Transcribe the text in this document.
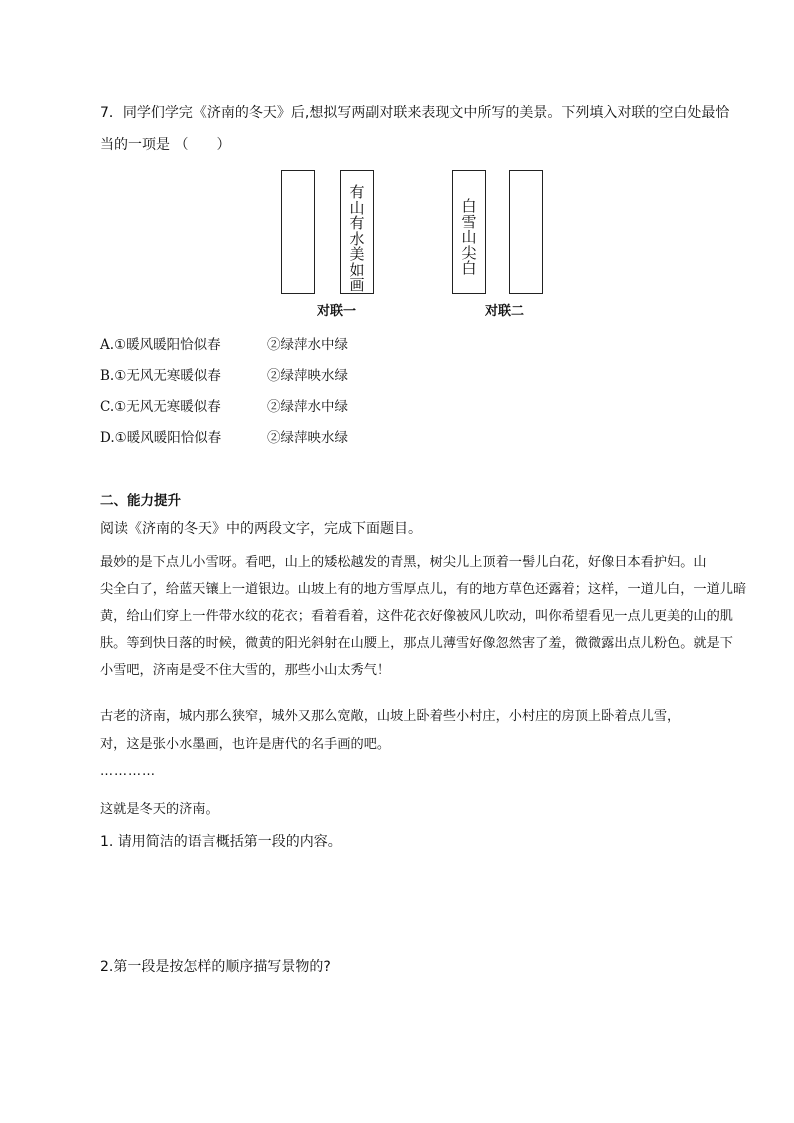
7．同学们学完《济南的冬天》后,想拟写两副对联来表现文中所写的美景。下列填入对联的空白处最恰
当的一项是 （　　）
有
山
有
水
美
如
画
对联一
白
雪
山
尖
白
对联二
A.①暖风暖阳恰似春	②绿萍水中绿
B.①无风无寒暖似春	②绿萍映水绿
C.①无风无寒暖似春	②绿萍水中绿
D.①暖风暖阳恰似春	②绿萍映水绿
二、能力提升
阅读《济南的冬天》中的两段文字，完成下面题目。
最妙的是下点儿小雪呀。看吧，山上的矮松越发的青黑，树尖儿上顶着一髻儿白花，好像日本看护妇。山
尖全白了，给蓝天镶上一道银边。山坡上有的地方雪厚点儿，有的地方草色还露着；这样，一道儿白，一道儿暗
黄，给山们穿上一件带水纹的花衣；看着看着，这件花衣好像被风儿吹动，叫你希望看见一点儿更美的山的肌
肤。等到快日落的时候，微黄的阳光斜射在山腰上，那点儿薄雪好像忽然害了羞，微微露出点儿粉色。就是下
小雪吧，济南是受不住大雪的，那些小山太秀气！
古老的济南，城内那么狭窄，城外又那么宽敞，山坡上卧着些小村庄，小村庄的房顶上卧着点儿雪，
对，这是张小水墨画，也许是唐代的名手画的吧。
…………
这就是冬天的济南。
1. 请用简洁的语言概括第一段的内容。
2.第一段是按怎样的顺序描写景物的?
